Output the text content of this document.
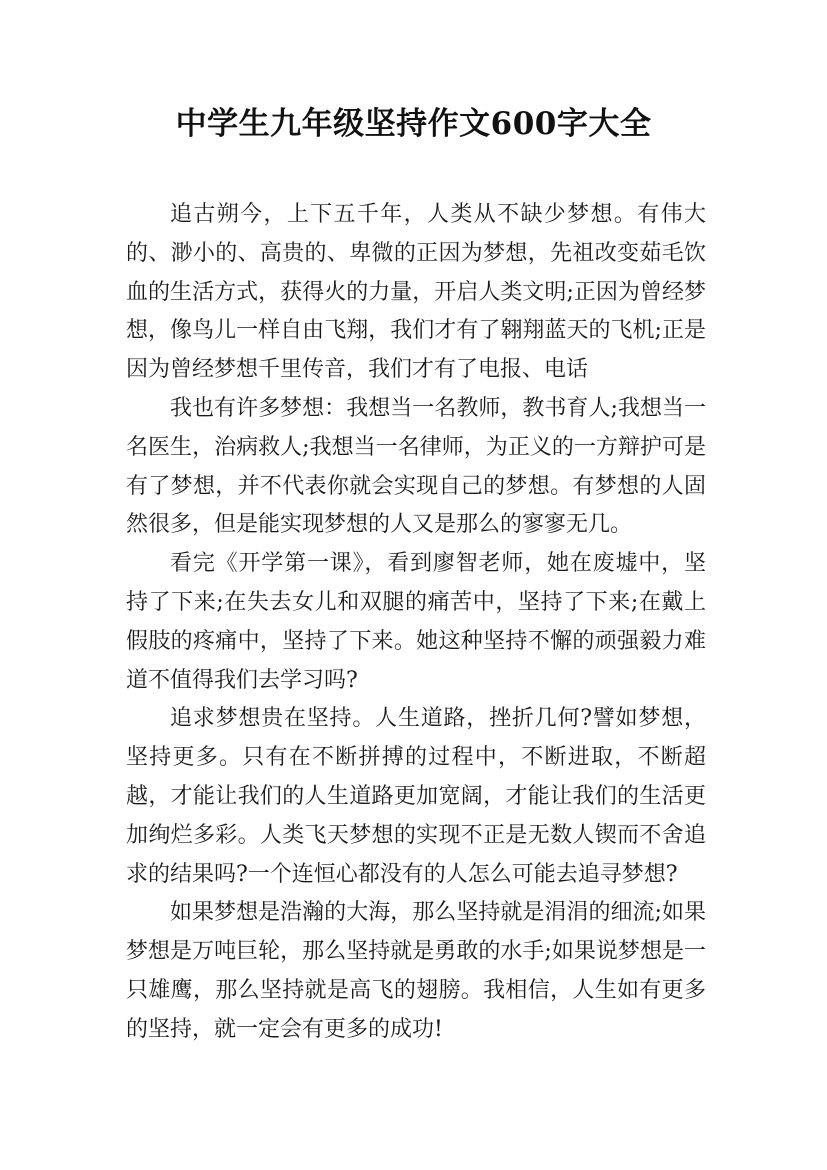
中学生九年级坚持作文600字大全

追古朔今，上下五千年，人类从不缺少梦想。有伟大的、渺小的、高贵的、卑微的正因为梦想，先祖改变茹毛饮血的生活方式，获得火的力量，开启人类文明;正因为曾经梦想，像鸟儿一样自由飞翔，我们才有了翱翔蓝天的飞机;正是因为曾经梦想千里传音，我们才有了电报、电话

我也有许多梦想：我想当一名教师，教书育人;我想当一名医生，治病救人;我想当一名律师，为正义的一方辩护可是有了梦想，并不代表你就会实现自己的梦想。有梦想的人固然很多，但是能实现梦想的人又是那么的寥寥无几。

看完《开学第一课》，看到廖智老师，她在废墟中，坚持了下来;在失去女儿和双腿的痛苦中，坚持了下来;在戴上假肢的疼痛中，坚持了下来。她这种坚持不懈的顽强毅力难道不值得我们去学习吗?

追求梦想贵在坚持。人生道路，挫折几何?譬如梦想，坚持更多。只有在不断拼搏的过程中，不断进取，不断超越，才能让我们的人生道路更加宽阔，才能让我们的生活更加绚烂多彩。人类飞天梦想的实现不正是无数人锲而不舍追求的结果吗?一个连恒心都没有的人怎么可能去追寻梦想?

如果梦想是浩瀚的大海，那么坚持就是涓涓的细流;如果梦想是万吨巨轮，那么坚持就是勇敢的水手;如果说梦想是一只雄鹰，那么坚持就是高飞的翅膀。我相信，人生如有更多的坚持，就一定会有更多的成功!
